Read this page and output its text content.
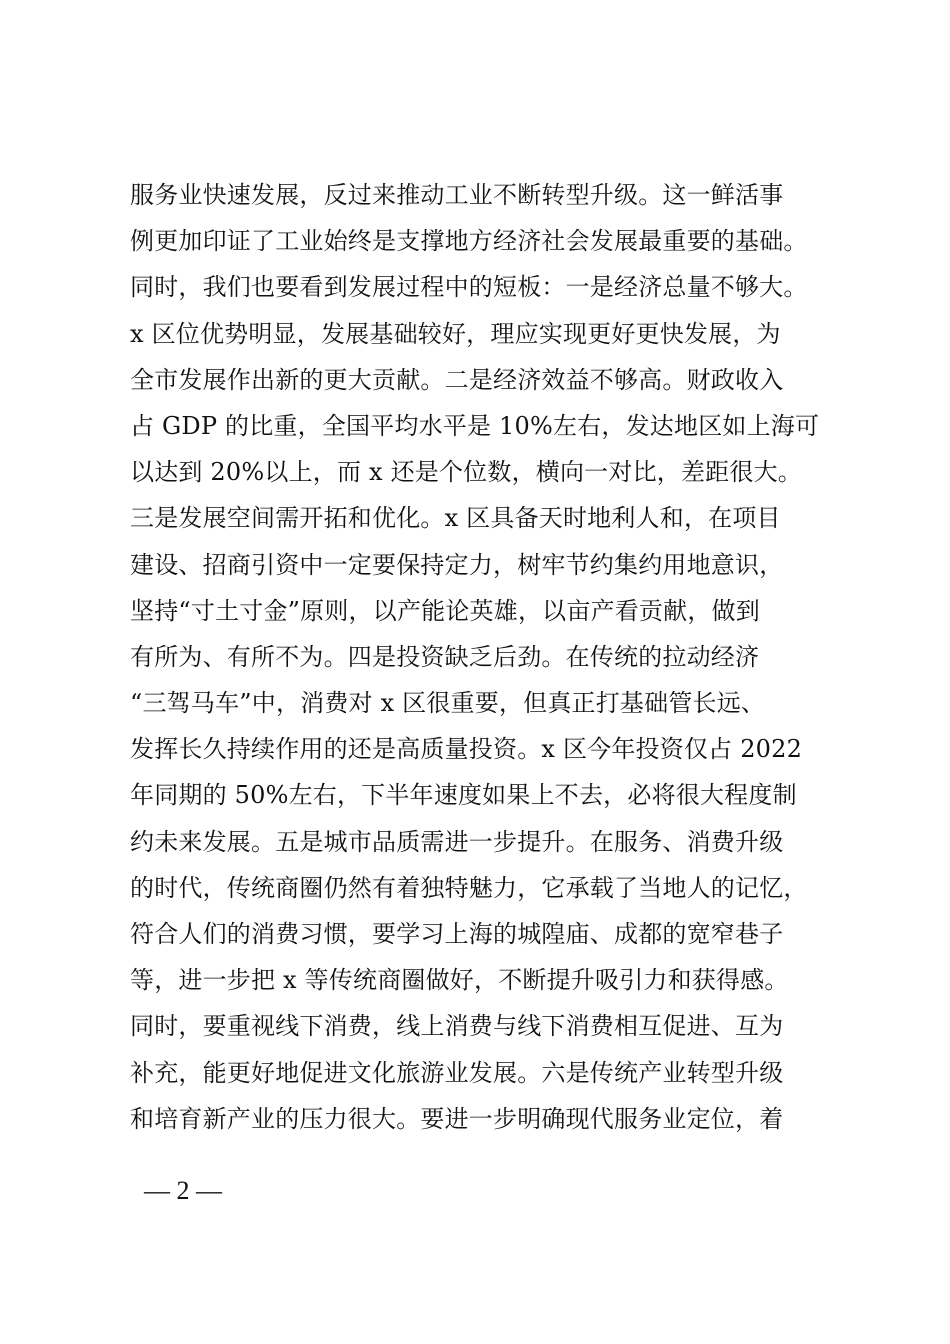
服务业快速发展，反过来推动工业不断转型升级。这一鲜活事
例更加印证了工业始终是支撑地方经济社会发展最重要的基础。
同时，我们也要看到发展过程中的短板：一是经济总量不够大。
x 区位优势明显，发展基础较好，理应实现更好更快发展，为
全市发展作出新的更大贡献。二是经济效益不够高。财政收入
占 GDP 的比重，全国平均水平是 10%左右，发达地区如上海可
以达到 20%以上，而 x 还是个位数，横向一对比，差距很大。
三是发展空间需开拓和优化。x 区具备天时地利人和，在项目
建设、招商引资中一定要保持定力，树牢节约集约用地意识，
坚持“寸土寸金”原则，以产能论英雄，以亩产看贡献，做到
有所为、有所不为。四是投资缺乏后劲。在传统的拉动经济
“三驾马车”中，消费对 x 区很重要，但真正打基础管长远、
发挥长久持续作用的还是高质量投资。x 区今年投资仅占 2022
年同期的 50%左右，下半年速度如果上不去，必将很大程度制
约未来发展。五是城市品质需进一步提升。在服务、消费升级
的时代，传统商圈仍然有着独特魅力，它承载了当地人的记忆，
符合人们的消费习惯，要学习上海的城隍庙、成都的宽窄巷子
等，进一步把 x 等传统商圈做好，不断提升吸引力和获得感。
同时，要重视线下消费，线上消费与线下消费相互促进、互为
补充，能更好地促进文化旅游业发展。六是传统产业转型升级
和培育新产业的压力很大。要进一步明确现代服务业定位，着
— 2 —
